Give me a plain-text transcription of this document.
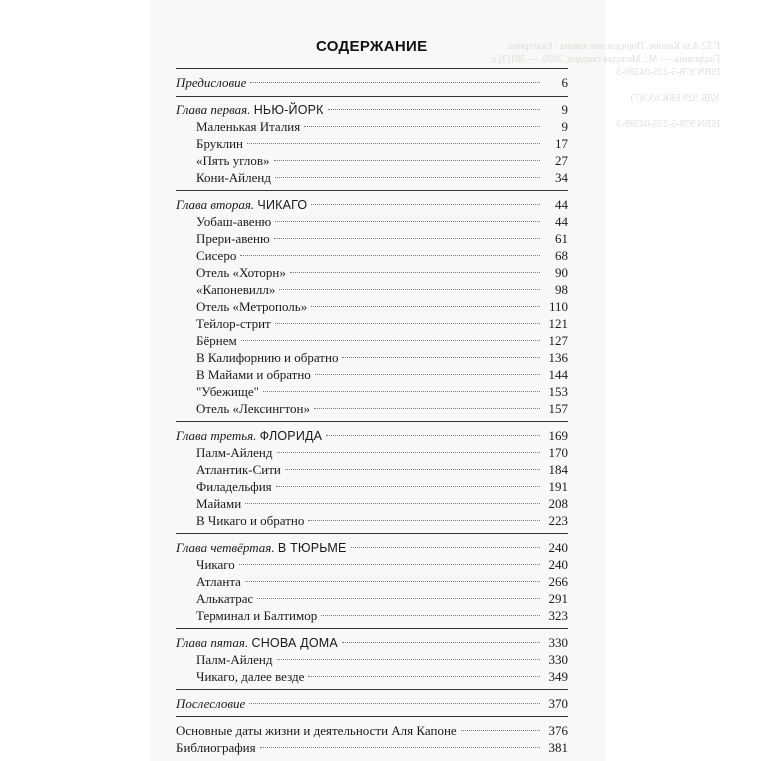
Г 52 Аль Капоне. Порядок вне закона / Екатерина
Гладилина. — М.: Молодая гвардия, 2020. — 381[3] с.
ISBN 978-5-235-04389-3

УДК 929 ББК 63.3(7)

ISBN 978-5-235-04389-3
СОДЕРЖАНИЕ
Предисловие	6
Глава первая. НЬЮ-ЙОРК	9
Маленькая Италия	9
Бруклин	17
«Пять углов»	27
Кони-Айленд	34
Глава вторая. ЧИКАГО	44
Уобаш-авеню	44
Прери-авеню	61
Сисеро	68
Отель «Хоторн»	90
«Капоневилл»	98
Отель «Метрополь»	110
Тейлор-стрит	121
Бёрнем	127
В Калифорнию и обратно	136
В Майами и обратно	144
"Убежище"	153
Отель «Лексингтон»	157
Глава третья. ФЛОРИДА	169
Палм-Айленд	170
Атлантик-Сити	184
Филадельфия	191
Майами	208
В Чикаго и обратно	223
Глава четвёртая. В ТЮРЬМЕ	240
Чикаго	240
Атланта	266
Алькатрас	291
Терминал и Балтимор	323
Глава пятая. СНОВА ДОМА	330
Палм-Айленд	330
Чикаго, далее везде	349
Послесловие	370
Основные даты жизни и деятельности Аля Капоне	376
Библиография	381
